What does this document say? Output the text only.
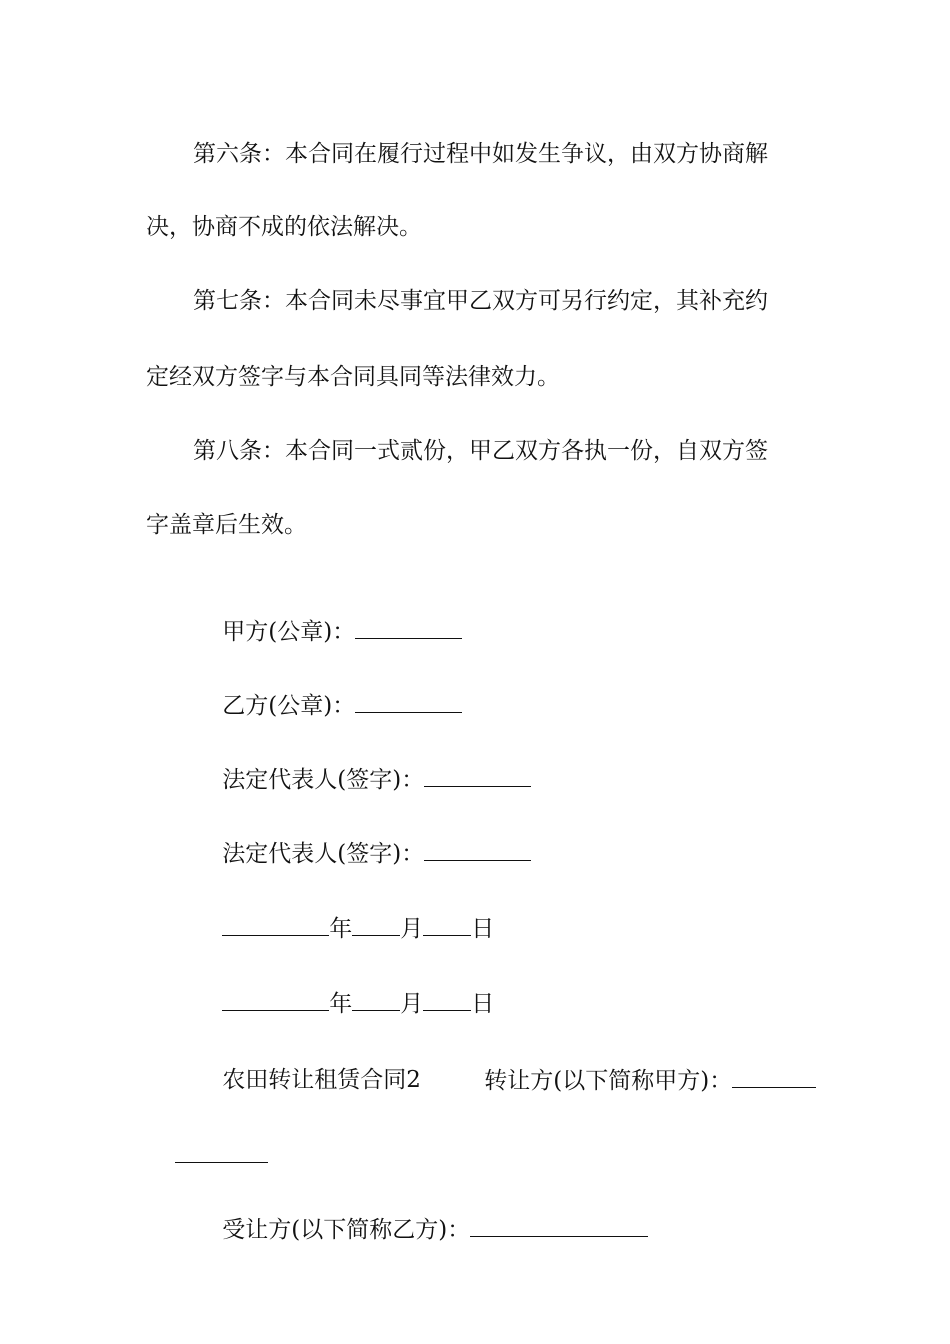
第六条：本合同在履行过程中如发生争议，由双方协商解
决，协商不成的依法解决。
第七条：本合同未尽事宜甲乙双方可另行约定，其补充约
定经双方签字与本合同具同等法律效力。
第八条：本合同一式贰份，甲乙双方各执一份，自双方签
字盖章后生效。

甲方(公章)：

乙方(公章)：

法定代表人(签字)：

法定代表人(签字)：

年 月 日

年 月 日

农田转让租赁合同2
	转让方(以下简称甲方)：

受让方(以下简称乙方)：
